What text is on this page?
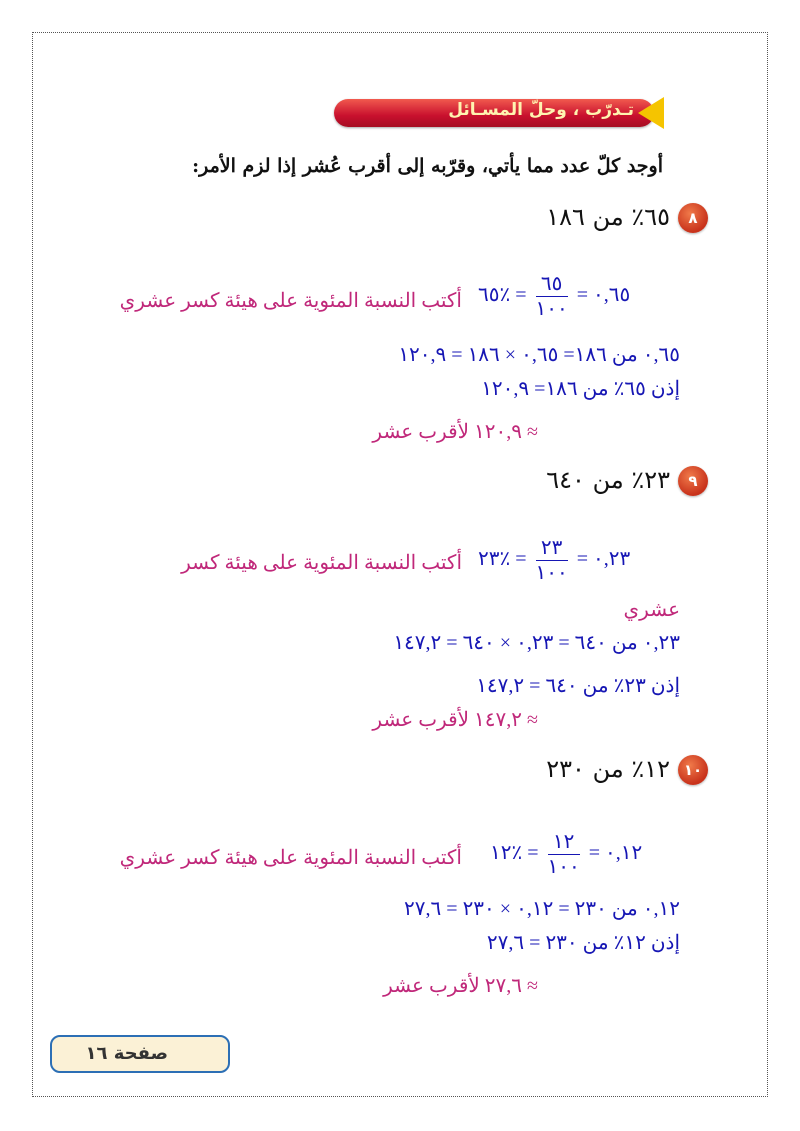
تـدرّب ، وحلّ المسـائل
أوجد كلّ عدد مما يأتي، وقرّبه إلى أقرب عُشر إذا لزم الأمر:
٨
٦٥٪ من ١٨٦
٠,٦٥ =
$\frac{٦٥}{١٠٠}$
= ٪٦٥
أكتب النسبة المئوية على هيئة كسر عشري
٠,٦٥ من ١٨٦= ٠,٦٥ × ١٨٦ = ١٢٠,٩
إذن ٦٥٪ من ١٨٦= ١٢٠,٩
≈ ١٢٠,٩ لأقرب عشر
٩
٢٣٪ من ٦٤٠
٠,٢٣ =
$\frac{٢٣}{١٠٠}$
= ٪٢٣
أكتب النسبة المئوية على هيئة كسر
عشري
٠,٢٣ من ٦٤٠ = ٠,٢٣ × ٦٤٠ = ١٤٧,٢
إذن ٢٣٪ من ٦٤٠ = ١٤٧,٢
≈ ١٤٧,٢ لأقرب عشر
١٠
١٢٪ من ٢٣٠
٠,١٢ =
$\frac{١٢}{١٠٠}$
= ٪١٢
أكتب النسبة المئوية على هيئة كسر عشري
٠,١٢ من ٢٣٠ = ٠,١٢ × ٢٣٠ = ٢٧,٦
إذن ١٢٪ من ٢٣٠ = ٢٧,٦
≈ ٢٧,٦ لأقرب عشر
صفحة ١٦
